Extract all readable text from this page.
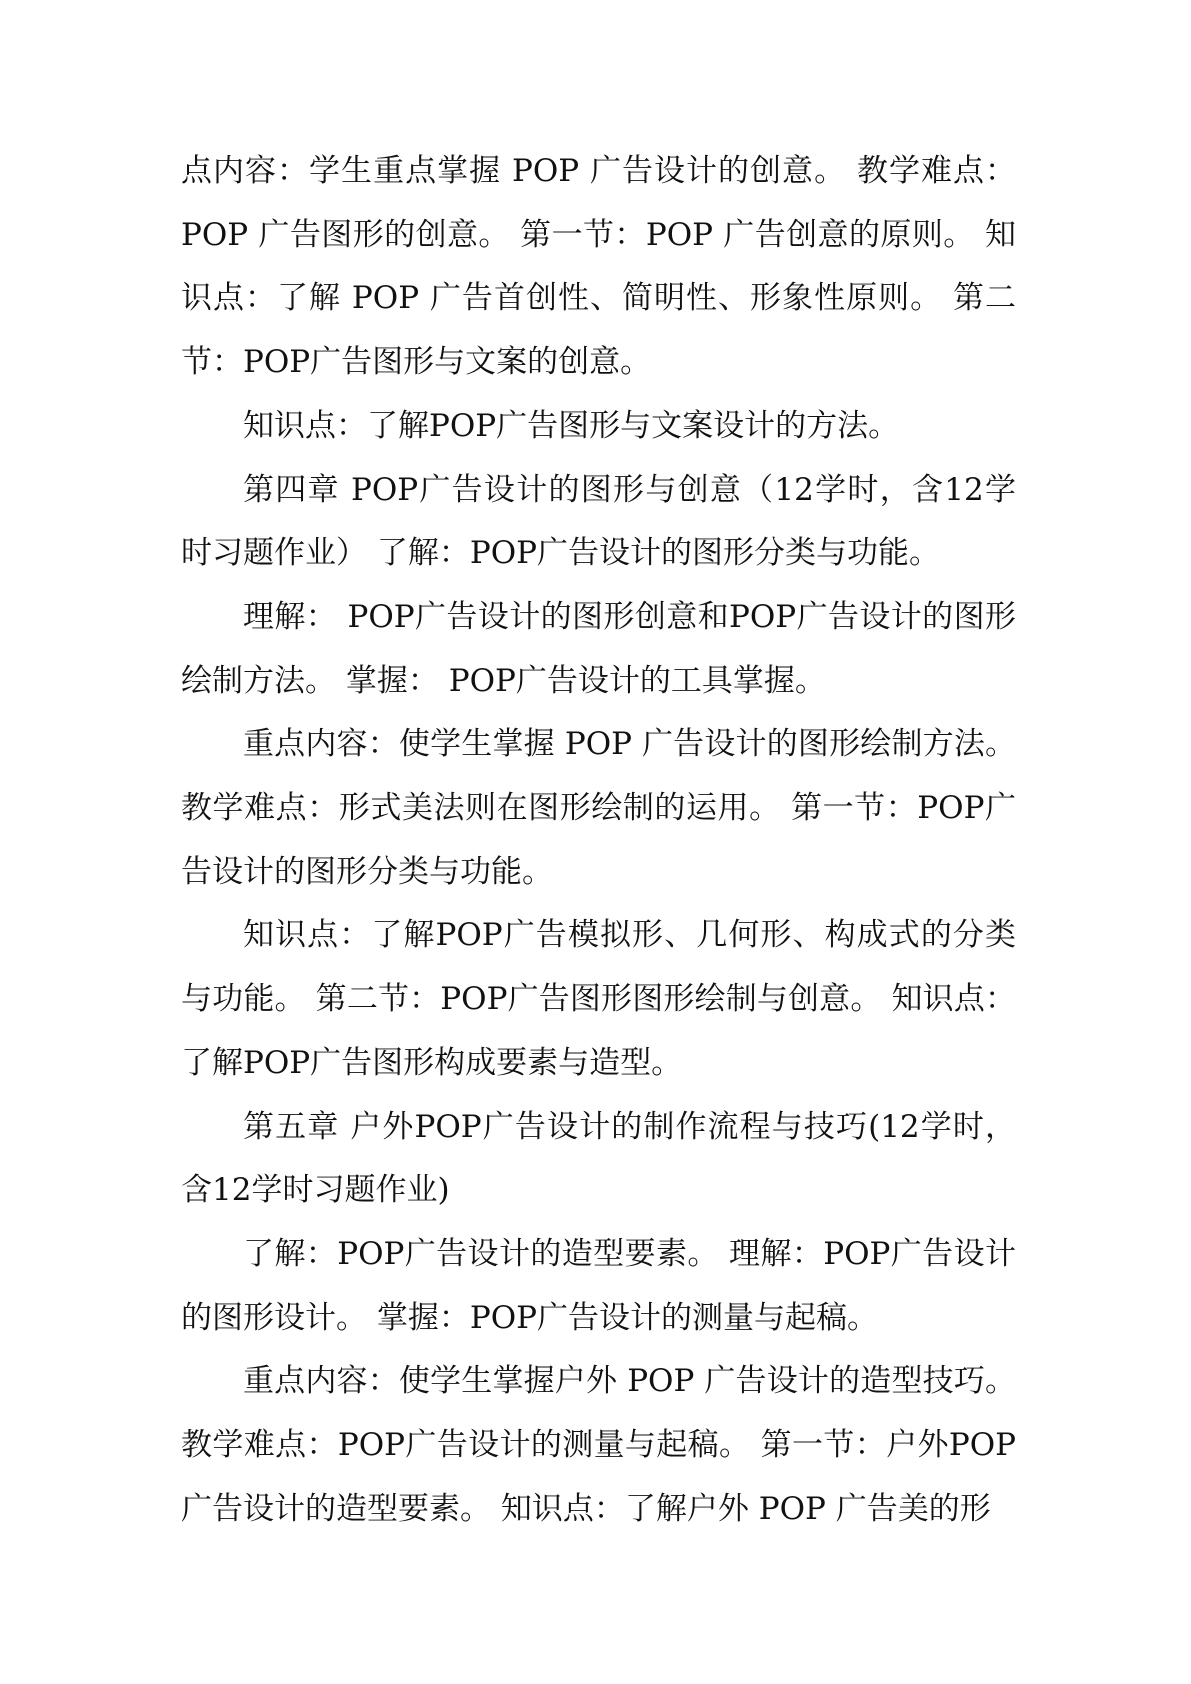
点内容：学生重点掌握 POP 广告设计的创意。 教学难点：POP 广告图形的创意。 第一节：POP 广告创意的原则。 知识点：了解 POP 广告首创性、简明性、形象性原则。 第二节：POP广告图形与文案的创意。

知识点：了解POP广告图形与文案设计的方法。

第四章 POP广告设计的图形与创意（12学时，含12学时习题作业） 了解：POP广告设计的图形分类与功能。

理解： POP广告设计的图形创意和POP广告设计的图形绘制方法。 掌握： POP广告设计的工具掌握。

重点内容：使学生掌握 POP 广告设计的图形绘制方法。 教学难点：形式美法则在图形绘制的运用。 第一节：POP广告设计的图形分类与功能。

知识点：了解POP广告模拟形、几何形、构成式的分类与功能。 第二节：POP广告图形图形绘制与创意。 知识点：了解POP广告图形构成要素与造型。

第五章 户外POP广告设计的制作流程与技巧(12学时，含12学时习题作业)

了解：POP广告设计的造型要素。 理解：POP广告设计的图形设计。 掌握：POP广告设计的测量与起稿。

重点内容：使学生掌握户外 POP 广告设计的造型技巧。教学难点：POP广告设计的测量与起稿。 第一节：户外POP广告设计的造型要素。 知识点：了解户外 POP 广告美的形
